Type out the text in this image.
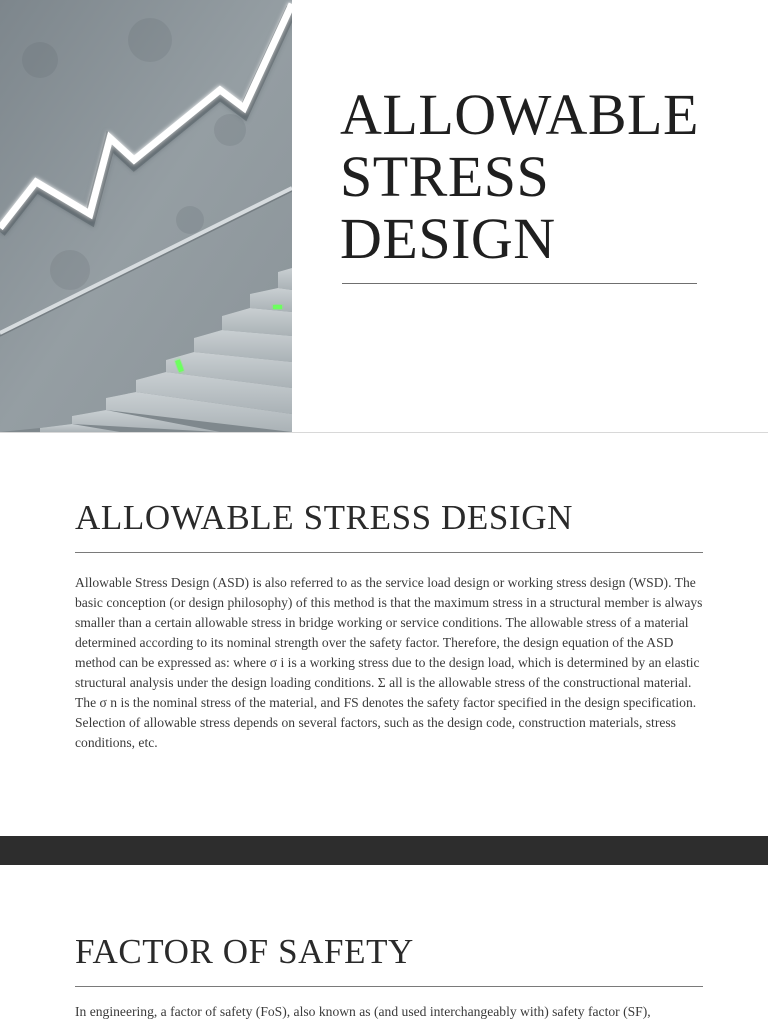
ALLOWABLE
STRESS
DESIGN
ALLOWABLE STRESS DESIGN

Allowable Stress Design (ASD) is also referred to as the service load design or working stress design (WSD). The basic conception (or design philosophy) of this method is that the maximum stress in a structural member is always smaller than a certain allowable stress in bridge working or service conditions. The allowable stress of a material determined according to its nominal strength over the safety factor. Therefore, the design equation of the ASD method can be expressed as: where σ i is a working stress due to the design load, which is determined by an elastic structural analysis under the design loading conditions. Σ all is the allowable stress of the constructional material. The σ n is the nominal stress of the material, and FS denotes the safety factor specified in the design specification. Selection of allowable stress depends on several factors, such as the design code, construction materials, stress conditions, etc.

FACTOR OF SAFETY

In engineering, a factor of safety (FoS), also known as (and used interchangeably with) safety factor (SF),
